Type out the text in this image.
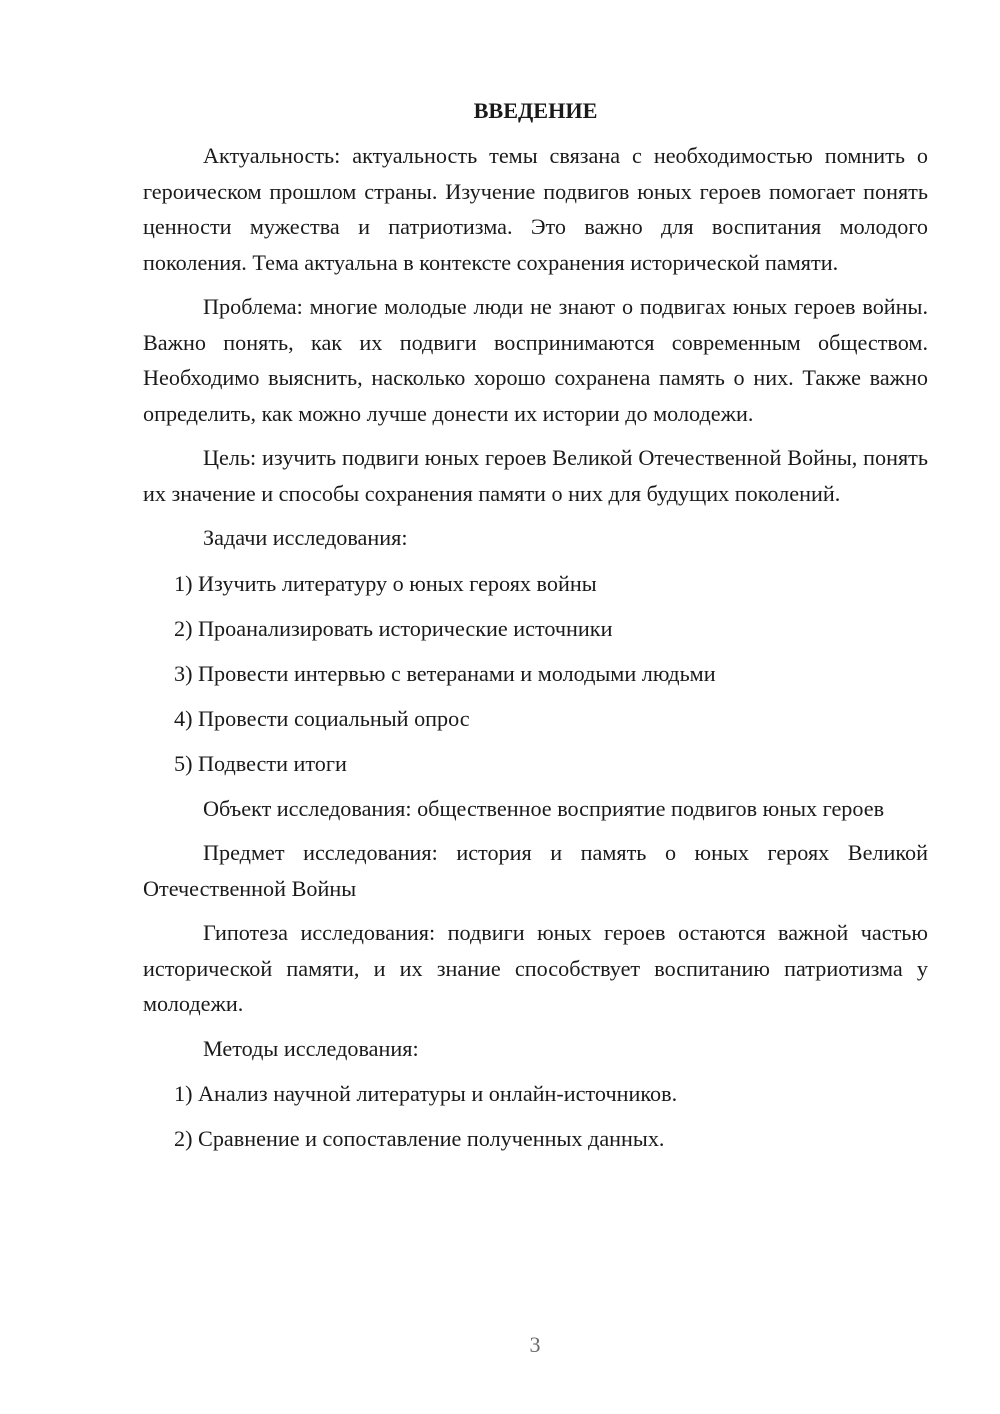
ВВЕДЕНИЕ

Актуальность: актуальность темы связана с необходимостью помнить о героическом прошлом страны. Изучение подвигов юных героев помогает понять ценности мужества и патриотизма. Это важно для воспитания молодого поколения. Тема актуальна в контексте сохранения исторической памяти.

Проблема: многие молодые люди не знают о подвигах юных героев войны. Важно понять, как их подвиги воспринимаются современным обществом. Необходимо выяснить, насколько хорошо сохранена память о них. Также важно определить, как можно лучше донести их истории до молодежи.

Цель: изучить подвиги юных героев Великой Отечественной Войны, понять их значение и способы сохранения памяти о них для будущих поколений.

Задачи исследования:

1) Изучить литературу о юных героях войны
2) Проанализировать исторические источники
3) Провести интервью с ветеранами и молодыми людьми
4) Провести социальный опрос
5) Подвести итоги

Объект исследования: общественное восприятие подвигов юных героев

Предмет исследования: история и память о юных героях Великой Отечественной Войны

Гипотеза исследования: подвиги юных героев остаются важной частью исторической памяти, и их знание способствует воспитанию патриотизма у молодежи.

Методы исследования:

1) Анализ научной литературы и онлайн-источников.
2) Сравнение и сопоставление полученных данных.
3
